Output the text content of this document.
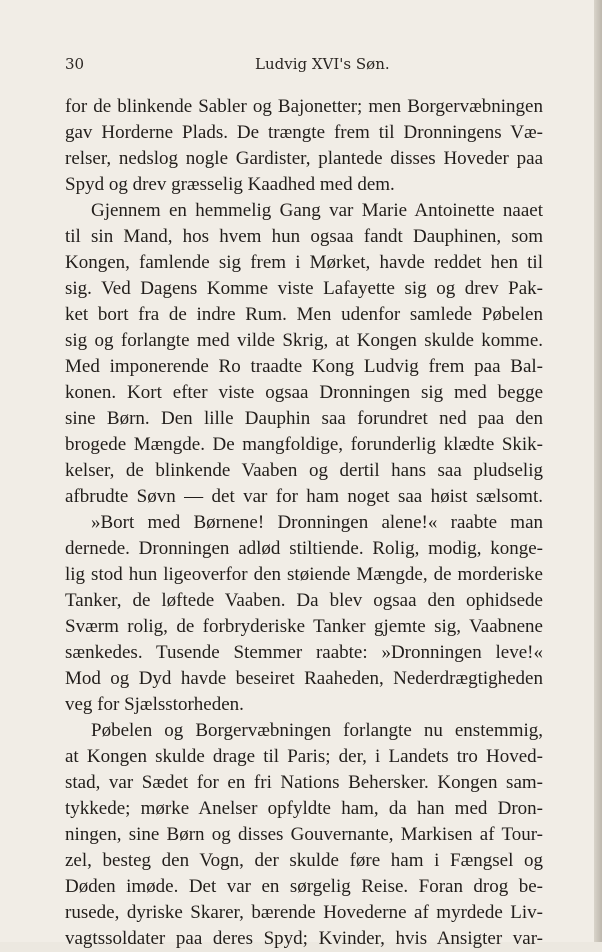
30	Ludvig XVI's Søn.
for de blinkende Sabler og Bajonetter; men Borgervæbningen
gav Horderne Plads. De trængte frem til Dronningens Væ-
relser, nedslog nogle Gardister, plantede disses Hoveder paa
Spyd og drev græsselig Kaadhed med dem.
Gjennem en hemmelig Gang var Marie Antoinette naaet
til sin Mand, hos hvem hun ogsaa fandt Dauphinen, som
Kongen, famlende sig frem i Mørket, havde reddet hen til
sig. Ved Dagens Komme viste Lafayette sig og drev Pak-
ket bort fra de indre Rum. Men udenfor samlede Pøbelen
sig og forlangte med vilde Skrig, at Kongen skulde komme.
Med imponerende Ro traadte Kong Ludvig frem paa Bal-
konen. Kort efter viste ogsaa Dronningen sig med begge
sine Børn. Den lille Dauphin saa forundret ned paa den
brogede Mængde. De mangfoldige, forunderlig klædte Skik-
kelser, de blinkende Vaaben og dertil hans saa pludselig
afbrudte Søvn — det var for ham noget saa høist sælsomt.
»Bort med Børnene! Dronningen alene!« raabte man
dernede. Dronningen adlød stiltiende. Rolig, modig, konge-
lig stod hun ligeoverfor den støiende Mængde, de morderiske
Tanker, de løftede Vaaben. Da blev ogsaa den ophidsede
Sværm rolig, de forbryderiske Tanker gjemte sig, Vaabnene
sænkedes. Tusende Stemmer raabte: »Dronningen leve!«
Mod og Dyd havde beseiret Raaheden, Nederdrægtigheden
veg for Sjælsstorheden.
Pøbelen og Borgervæbningen forlangte nu enstemmig,
at Kongen skulde drage til Paris; der, i Landets tro Hoved-
stad, var Sædet for en fri Nations Behersker. Kongen sam-
tykkede; mørke Anelser opfyldte ham, da han med Dron-
ningen, sine Børn og disses Gouvernante, Markisen af Tour-
zel, besteg den Vogn, der skulde føre ham i Fængsel og
Døden imøde. Det var en sørgelig Reise. Foran drog be-
rusede, dyriske Skarer, bærende Hovederne af myrdede Liv-
vagtssoldater paa deres Spyd; Kvinder, hvis Ansigter var-
